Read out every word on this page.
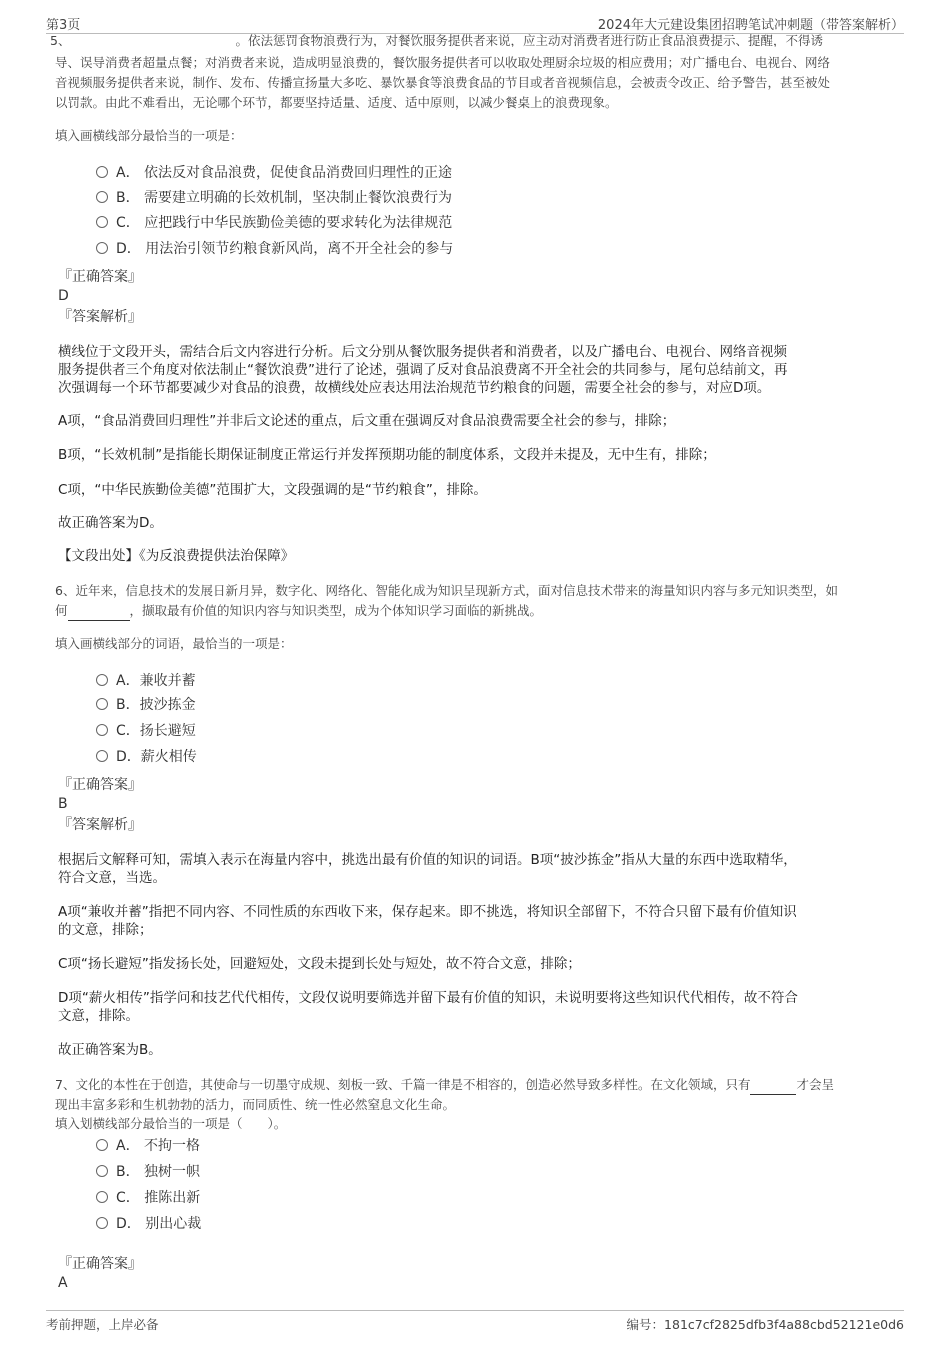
第3页	2024年大元建设集团招聘笔试冲刺题（带答案解析）
5、	。依法惩罚食物浪费行为，对餐饮服务提供者来说，应主动对消费者进行防止食品浪费提示、提醒，不得诱
导、误导消费者超量点餐；对消费者来说，造成明显浪费的，餐饮服务提供者可以收取处理厨余垃圾的相应费用；对广播电台、电视台、网络
音视频服务提供者来说，制作、发布、传播宣扬量大多吃、暴饮暴食等浪费食品的节目或者音视频信息，会被责令改正、给予警告，甚至被处
以罚款。由此不难看出，无论哪个环节，都要坚持适量、适度、适中原则，以减少餐桌上的浪费现象。
填入画横线部分最恰当的一项是：
A． 依法反对食品浪费，促使食品消费回归理性的正途
B． 需要建立明确的长效机制，坚决制止餐饮浪费行为
C． 应把践行中华民族勤俭美德的要求转化为法律规范
D． 用法治引领节约粮食新风尚，离不开全社会的参与
『正确答案』
D
『答案解析』
横线位于文段开头，需结合后文内容进行分析。后文分别从餐饮服务提供者和消费者，以及广播电台、电视台、网络音视频
服务提供者三个角度对依法制止“餐饮浪费”进行了论述，强调了反对食品浪费离不开全社会的共同参与，尾句总结前文，再
次强调每一个环节都要减少对食品的浪费，故横线处应表达用法治规范节约粮食的问题，需要全社会的参与，对应D项。
A项，“食品消费回归理性”并非后文论述的重点，后文重在强调反对食品浪费需要全社会的参与，排除；
B项，“长效机制”是指能长期保证制度正常运行并发挥预期功能的制度体系，文段并未提及，无中生有，排除；
C项，“中华民族勤俭美德”范围扩大，文段强调的是“节约粮食”，排除。
故正确答案为D。
【文段出处】《为反浪费提供法治保障》
6、近年来，信息技术的发展日新月异，数字化、网络化、智能化成为知识呈现新方式，面对信息技术带来的海量知识内容与多元知识类型，如
何	，撷取最有价值的知识内容与知识类型，成为个体知识学习面临的新挑战。
填入画横线部分的词语，最恰当的一项是：
A．兼收并蓄
B．披沙拣金
C．扬长避短
D．薪火相传
『正确答案』
B
『答案解析』
根据后文解释可知，需填入表示在海量内容中，挑选出最有价值的知识的词语。B项“披沙拣金”指从大量的东西中选取精华，
符合文意，当选。
A项“兼收并蓄”指把不同内容、不同性质的东西收下来，保存起来。即不挑选，将知识全部留下，不符合只留下最有价值知识
的文意，排除；
C项“扬长避短”指发扬长处，回避短处，文段未提到长处与短处，故不符合文意，排除；
D项“薪火相传”指学问和技艺代代相传，文段仅说明要筛选并留下最有价值的知识，未说明要将这些知识代代相传，故不符合
文意，排除。
故正确答案为B。
7、文化的本性在于创造，其使命与一切墨守成规、刻板一致、千篇一律是不相容的，创造必然导致多样性。在文化领域，只有	才会呈
现出丰富多彩和生机勃勃的活力，而同质性、统一性必然窒息文化生命。
填入划横线部分最恰当的一项是（　　）。
A． 不拘一格
B． 独树一帜
C． 推陈出新
D． 别出心裁
『正确答案』
A
考前押题，上岸必备	编号：181c7cf2825dfb3f4a88cbd52121e0d6
